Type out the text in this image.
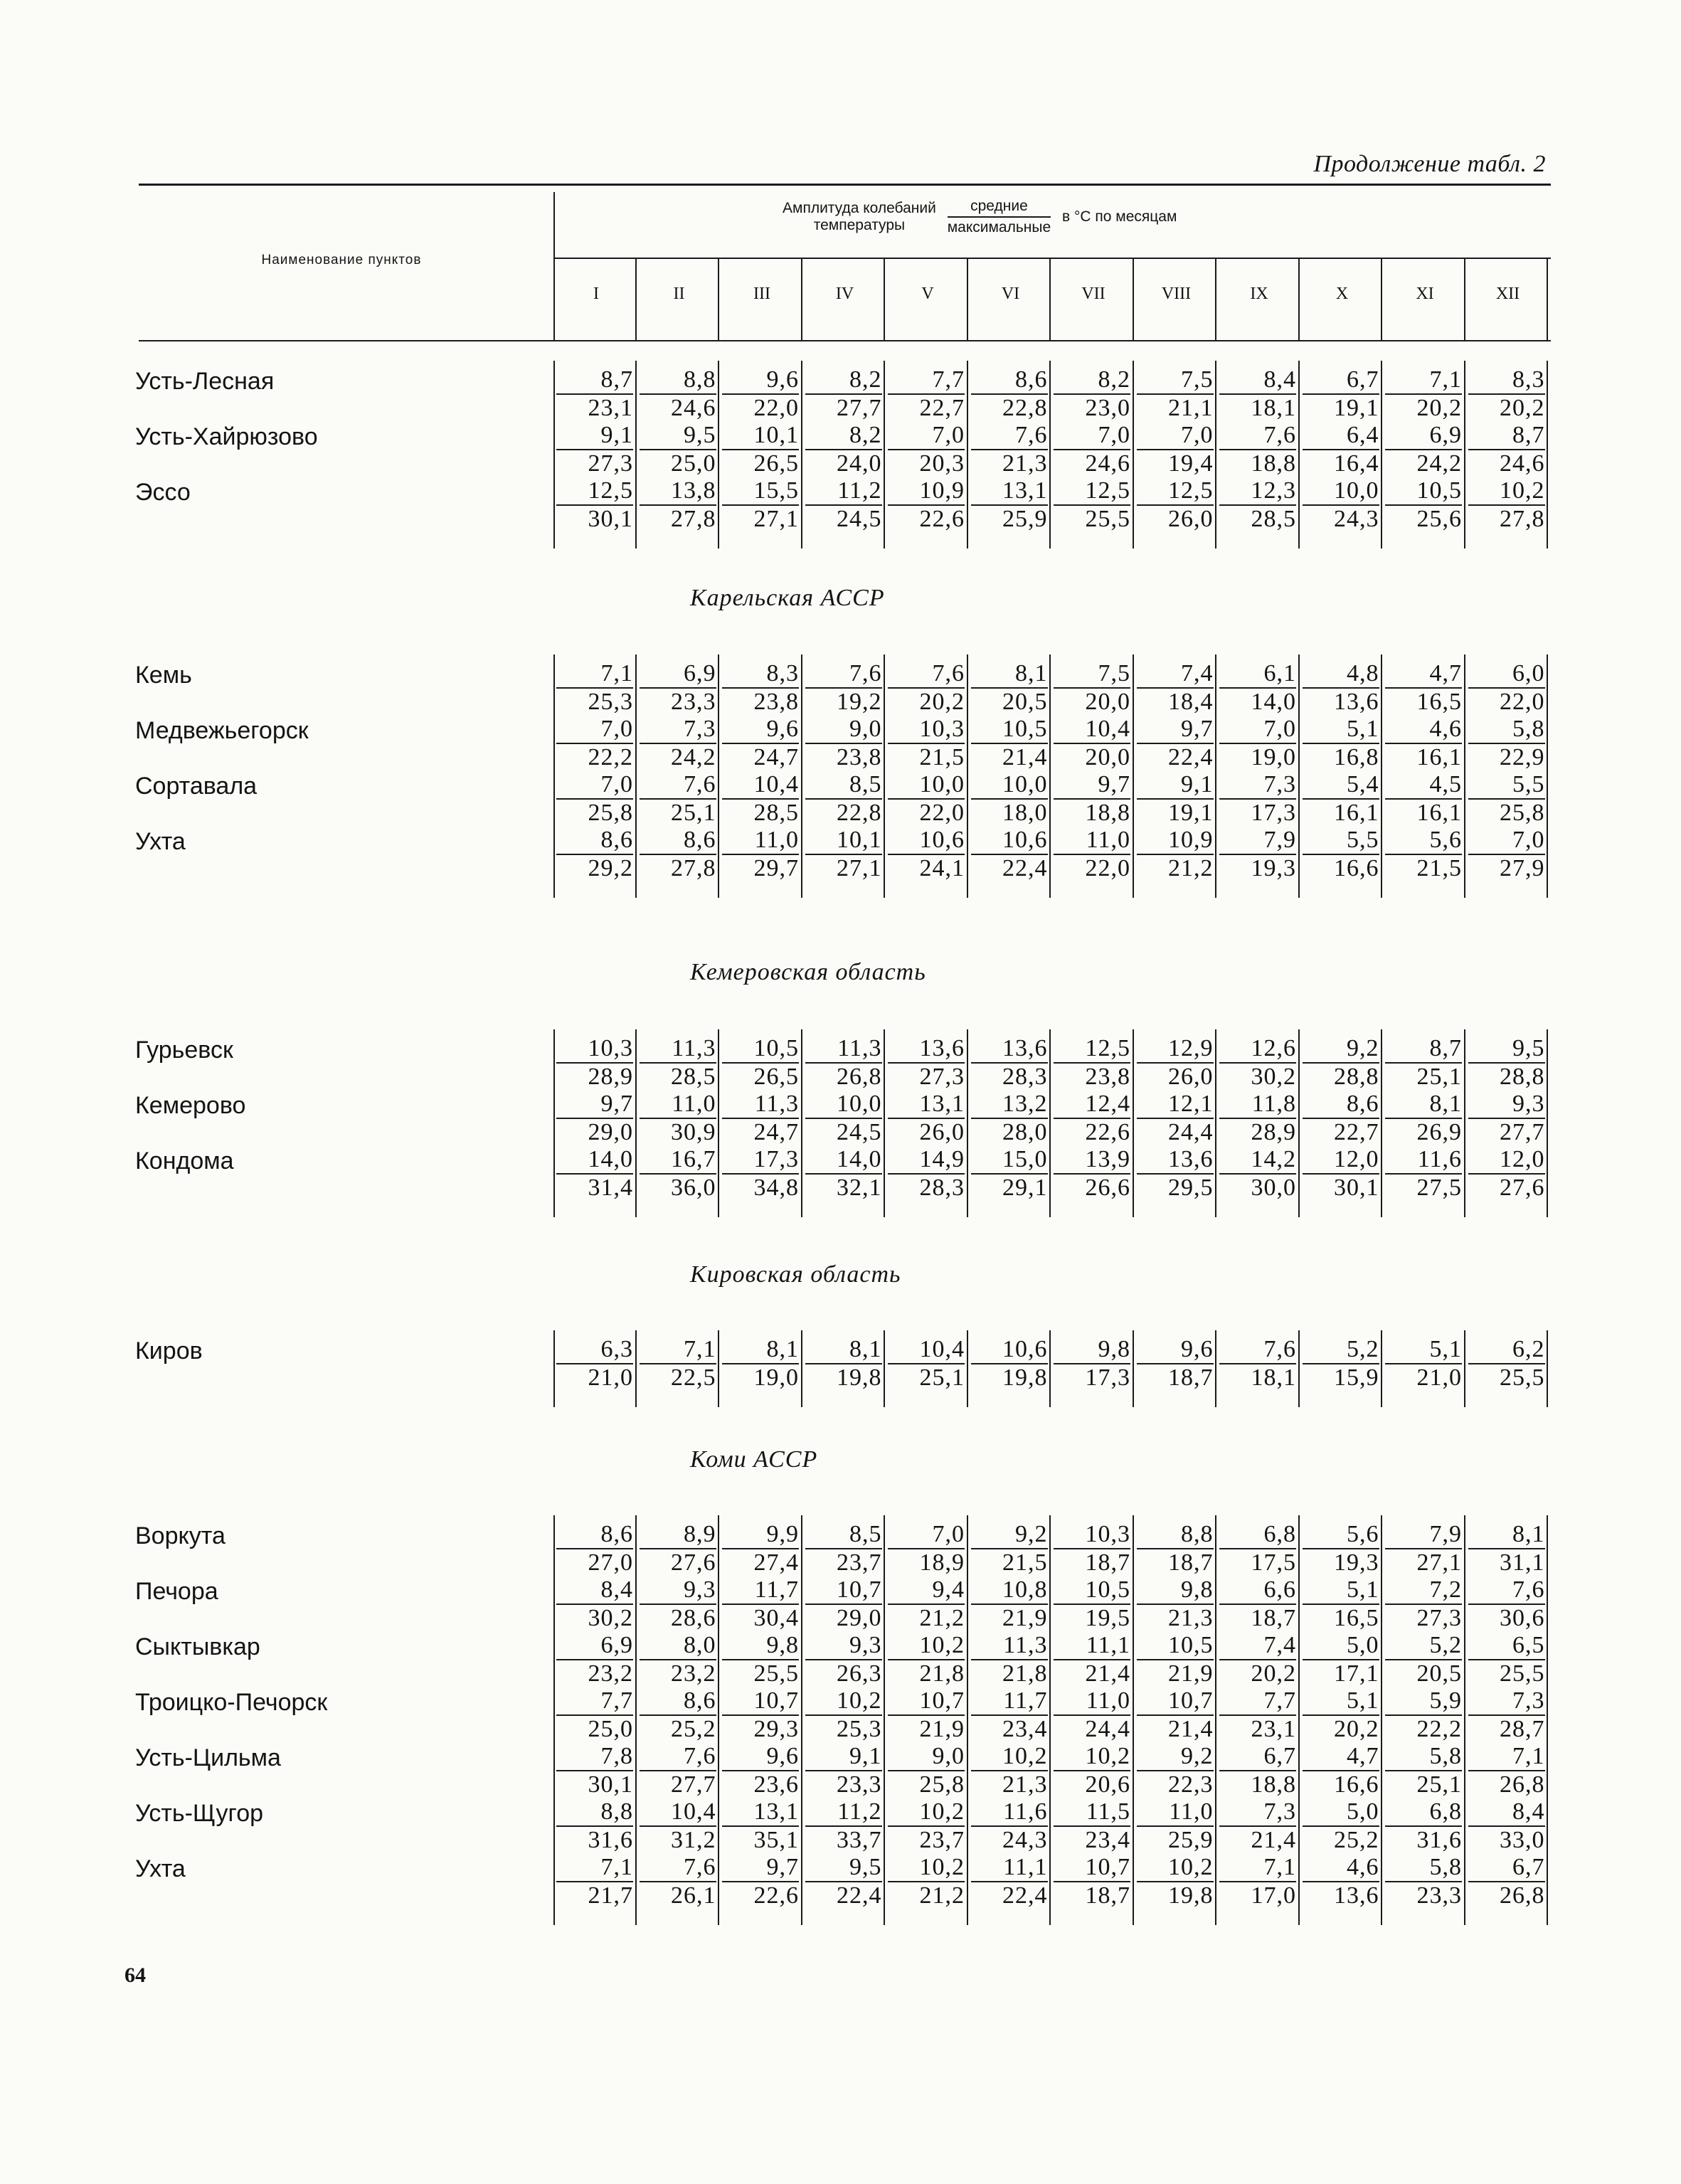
Продолжение табл. 2
Наименование пунктов
Амплитуда колебаний
температуры	$\frac{\text{средние}}{\text{максимальные}}$ в °С по месяцам
I	II	III	IV	V	VI	VII	VIII	IX	X	XI	XII
Усть-Лесная	8,7	8,8	9,6	8,2	7,7	8,6	8,2	7,5	8,4	6,7	7,1	8,3
23,1	24,6	22,0	27,7	22,7	22,8	23,0	21,1	18,1	19,1	20,2	20,2
Усть-Хайрюзово	9,1	9,5	10,1	8,2	7,0	7,6	7,0	7,0	7,6	6,4	6,9	8,7
27,3	25,0	26,5	24,0	20,3	21,3	24,6	19,4	18,8	16,4	24,2	24,6
Эссо	12,5	13,8	15,5	11,2	10,9	13,1	12,5	12,5	12,3	10,0	10,5	10,2
30,1	27,8	27,1	24,5	22,6	25,9	25,5	26,0	28,5	24,3	25,6	27,8
Карельская АССР
Кемь	7,1	6,9	8,3	7,6	7,6	8,1	7,5	7,4	6,1	4,8	4,7	6,0
25,3	23,3	23,8	19,2	20,2	20,5	20,0	18,4	14,0	13,6	16,5	22,0
Медвежьегорск	7,0	7,3	9,6	9,0	10,3	10,5	10,4	9,7	7,0	5,1	4,6	5,8
22,2	24,2	24,7	23,8	21,5	21,4	20,0	22,4	19,0	16,8	16,1	22,9
Сортавала	7,0	7,6	10,4	8,5	10,0	10,0	9,7	9,1	7,3	5,4	4,5	5,5
25,8	25,1	28,5	22,8	22,0	18,0	18,8	19,1	17,3	16,1	16,1	25,8
Ухта	8,6	8,6	11,0	10,1	10,6	10,6	11,0	10,9	7,9	5,5	5,6	7,0
29,2	27,8	29,7	27,1	24,1	22,4	22,0	21,2	19,3	16,6	21,5	27,9
Кемеровская область
Гурьевск	10,3	11,3	10,5	11,3	13,6	13,6	12,5	12,9	12,6	9,2	8,7	9,5
28,9	28,5	26,5	26,8	27,3	28,3	23,8	26,0	30,2	28,8	25,1	28,8
Кемерово	9,7	11,0	11,3	10,0	13,1	13,2	12,4	12,1	11,8	8,6	8,1	9,3
29,0	30,9	24,7	24,5	26,0	28,0	22,6	24,4	28,9	22,7	26,9	27,7
Кондома	14,0	16,7	17,3	14,0	14,9	15,0	13,9	13,6	14,2	12,0	11,6	12,0
31,4	36,0	34,8	32,1	28,3	29,1	26,6	29,5	30,0	30,1	27,5	27,6
Кировская область
Киров	6,3	7,1	8,1	8,1	10,4	10,6	9,8	9,6	7,6	5,2	5,1	6,2
21,0	22,5	19,0	19,8	25,1	19,8	17,3	18,7	18,1	15,9	21,0	25,5
Коми АССР
Воркута	8,6	8,9	9,9	8,5	7,0	9,2	10,3	8,8	6,8	5,6	7,9	8,1
27,0	27,6	27,4	23,7	18,9	21,5	18,7	18,7	17,5	19,3	27,1	31,1
Печора	8,4	9,3	11,7	10,7	9,4	10,8	10,5	9,8	6,6	5,1	7,2	7,6
30,2	28,6	30,4	29,0	21,2	21,9	19,5	21,3	18,7	16,5	27,3	30,6
Сыктывкар	6,9	8,0	9,8	9,3	10,2	11,3	11,1	10,5	7,4	5,0	5,2	6,5
23,2	23,2	25,5	26,3	21,8	21,8	21,4	21,9	20,2	17,1	20,5	25,5
Троицко-Печорск	7,7	8,6	10,7	10,2	10,7	11,7	11,0	10,7	7,7	5,1	5,9	7,3
25,0	25,2	29,3	25,3	21,9	23,4	24,4	21,4	23,1	20,2	22,2	28,7
Усть-Цильма	7,8	7,6	9,6	9,1	9,0	10,2	10,2	9,2	6,7	4,7	5,8	7,1
30,1	27,7	23,6	23,3	25,8	21,3	20,6	22,3	18,8	16,6	25,1	26,8
Усть-Щугор	8,8	10,4	13,1	11,2	10,2	11,6	11,5	11,0	7,3	5,0	6,8	8,4
31,6	31,2	35,1	33,7	23,7	24,3	23,4	25,9	21,4	25,2	31,6	33,0
Ухта	7,1	7,6	9,7	9,5	10,2	11,1	10,7	10,2	7,1	4,6	5,8	6,7
21,7	26,1	22,6	22,4	21,2	22,4	18,7	19,8	17,0	13,6	23,3	26,8
64
